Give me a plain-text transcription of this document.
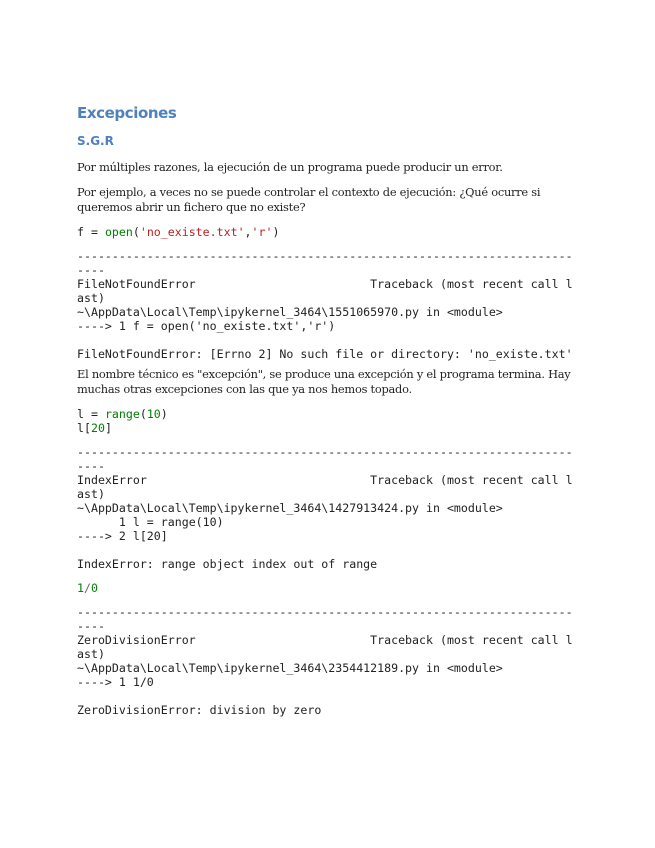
Excepciones
S.G.R

Por múltiples razones, la ejecución de un programa puede producir un error.

Por ejemplo, a veces no se puede controlar el contexto de ejecución: ¿Qué ocurre si queremos abrir un fichero que no existe?

f = open('no_existe.txt','r')
---------------------------------------------------------------------------
FileNotFoundError                         Traceback (most recent call last)
~\AppData\Local\Temp\ipykernel_3464\1551065970.py in <module>
----> 1 f = open('no_existe.txt','r')

FileNotFoundError: [Errno 2] No such file or directory: 'no_existe.txt'

El nombre técnico es "excepción", se produce una excepción y el programa termina. Hay muchas otras excepciones con las que ya nos hemos topado.

l = range(10)
l[20]
---------------------------------------------------------------------------
IndexError                                Traceback (most recent call last)
~\AppData\Local\Temp\ipykernel_3464\1427913424.py in <module>
1 l = range(10)
----> 2 l[20]

IndexError: range object index out of range
1/0
---------------------------------------------------------------------------
ZeroDivisionError                         Traceback (most recent call last)
~\AppData\Local\Temp\ipykernel_3464\2354412189.py in <module>
----> 1 1/0

ZeroDivisionError: division by zero
